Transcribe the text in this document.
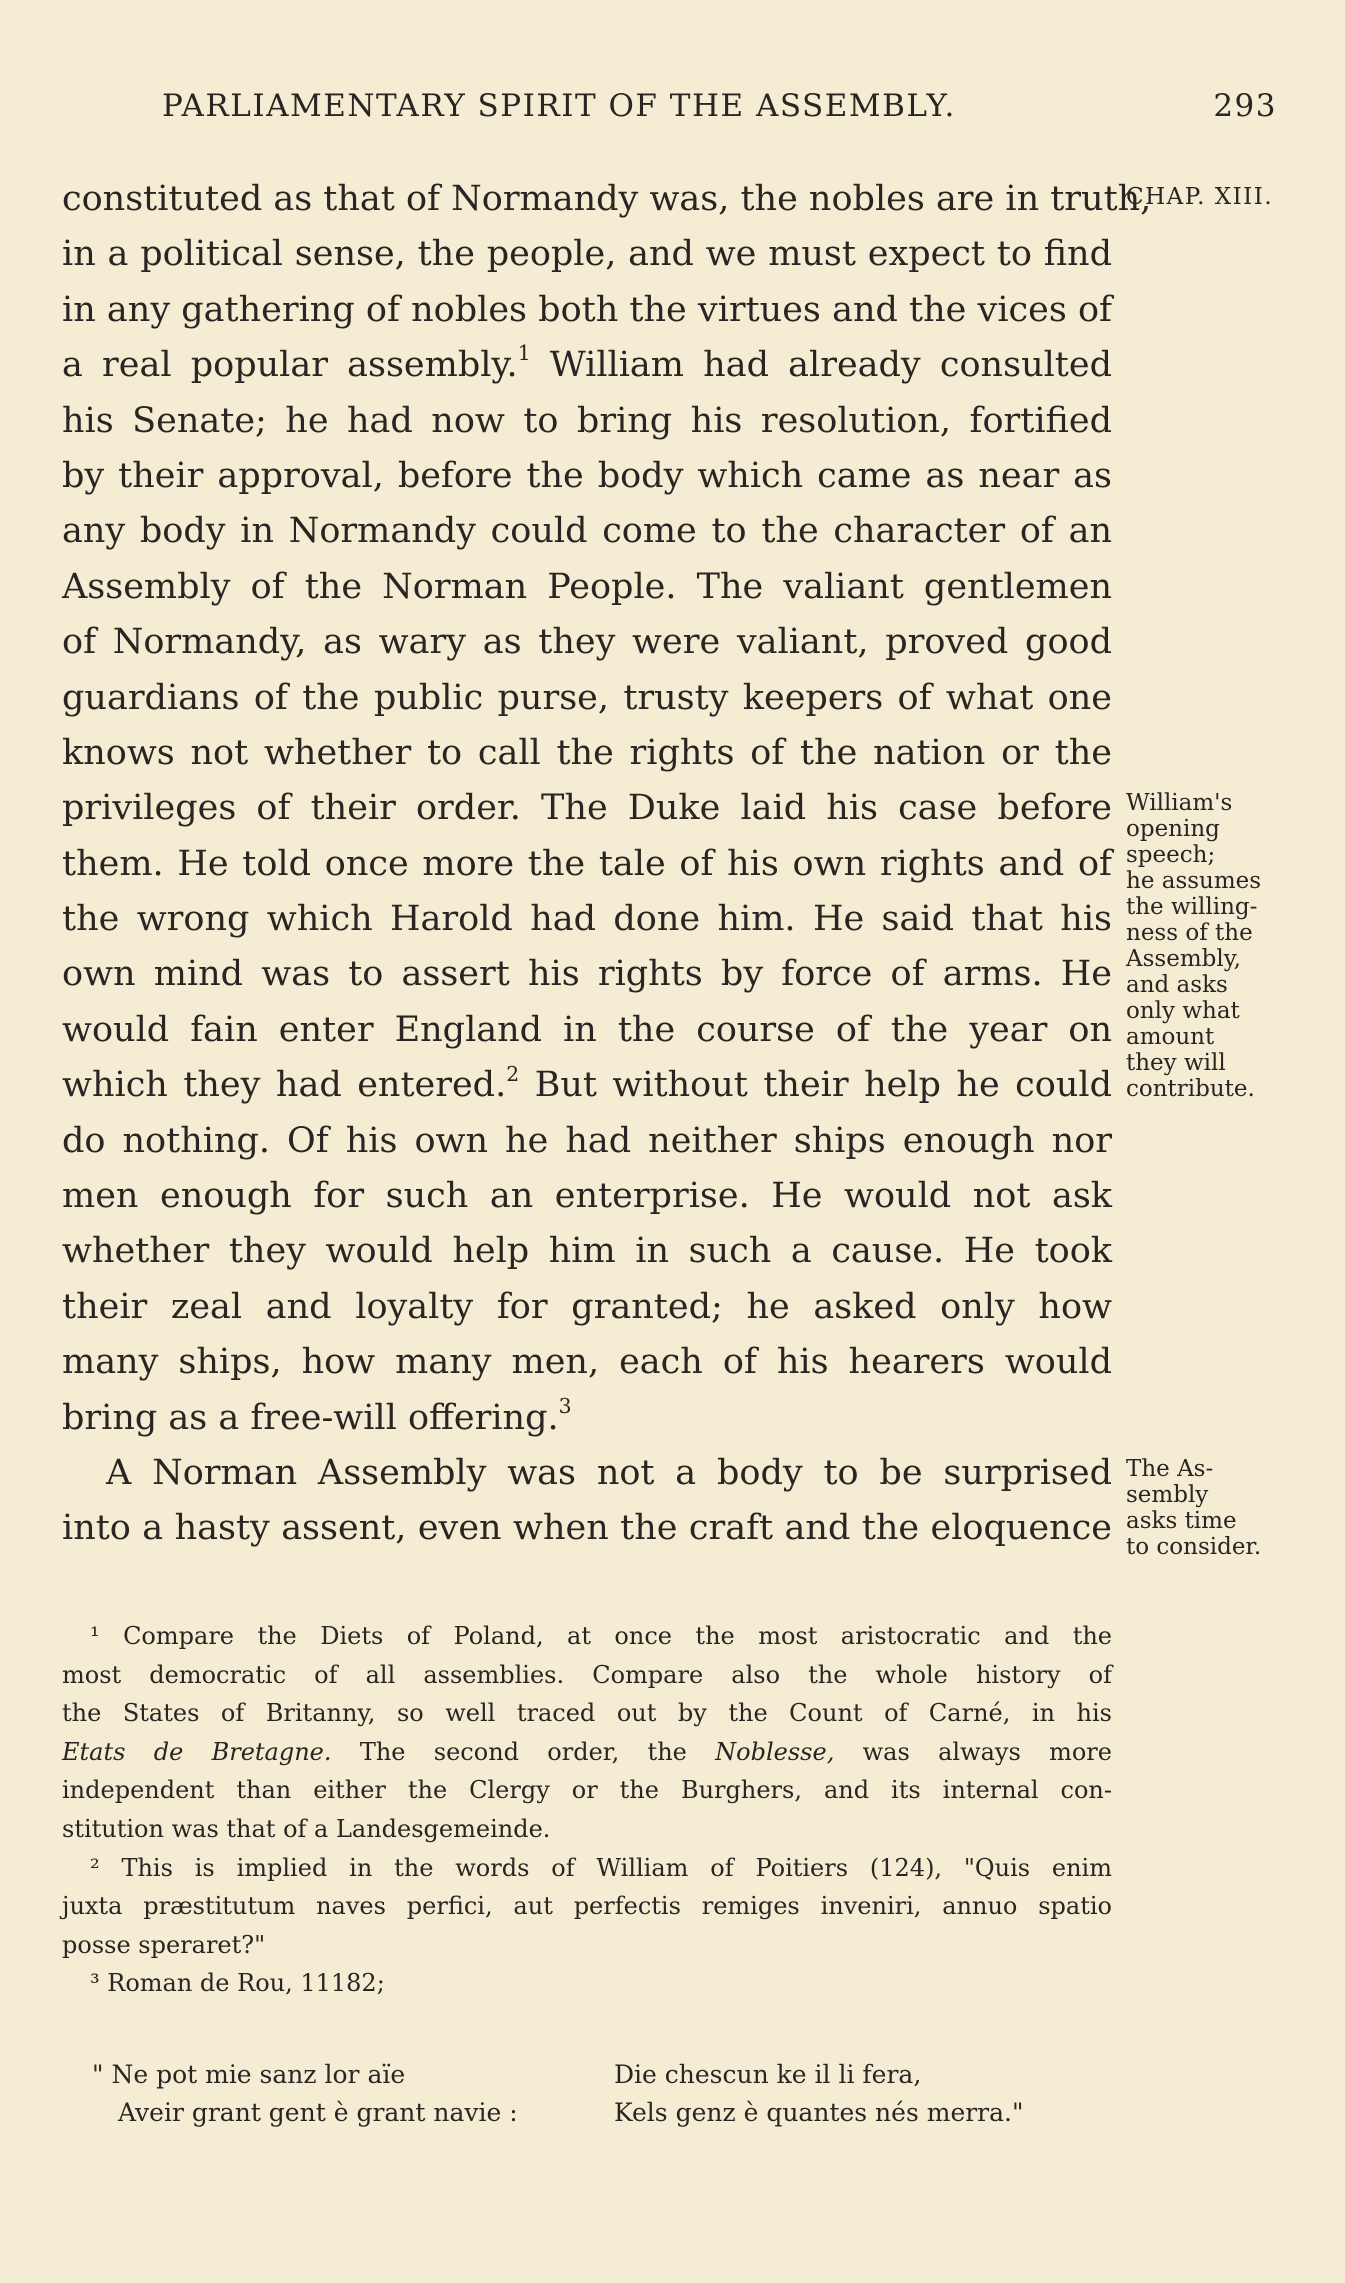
PARLIAMENTARY SPIRIT OF THE ASSEMBLY.	293
CHAP. XIII.
constituted as that of Normandy was, the nobles are in truth,
in a political sense, the people, and we must expect to find
in any gathering of nobles both the virtues and the vices of
a real popular assembly.$^1$ William had already consulted
his Senate; he had now to bring his resolution, fortified
by their approval, before the body which came as near as
any body in Normandy could come to the character of an
Assembly of the Norman People. The valiant gentlemen
of Normandy, as wary as they were valiant, proved good
guardians of the public purse, trusty keepers of what one
knows not whether to call the rights of the nation or the
privileges of their order. The Duke laid his case before
them. He told once more the tale of his own rights and of
the wrong which Harold had done him. He said that his
own mind was to assert his rights by force of arms. He
would fain enter England in the course of the year on
which they had entered.$^2$ But without their help he could
do nothing. Of his own he had neither ships enough nor
men enough for such an enterprise. He would not ask
whether they would help him in such a cause. He took
their zeal and loyalty for granted; he asked only how
many ships, how many men, each of his hearers would
bring as a free-will offering.$^3$
A Norman Assembly was not a body to be surprised
into a hasty assent, even when the craft and the eloquence
William's
opening
speech;
he assumes
the willing-
ness of the
Assembly,
and asks
only what
amount
they will
contribute.
The As-
sembly
asks time
to consider.
¹ Compare the Diets of Poland, at once the most aristocratic and the
most democratic of all assemblies. Compare also the whole history of
the States of Britanny, so well traced out by the Count of Carné, in his
Etats de Bretagne. The second order, the Noblesse, was always more
independent than either the Clergy or the Burghers, and its internal con-
stitution was that of a Landesgemeinde.
² This is implied in the words of William of Poitiers (124), "Quis enim
juxta præstitutum naves perfici, aut perfectis remiges inveniri, annuo spatio
posse speraret?"
³ Roman de Rou, 11182;
" Ne pot mie sanz lor aïe	Die chescun ke il li fera,
Aveir grant gent è grant navie :	Kels genz è quantes nés merra."
